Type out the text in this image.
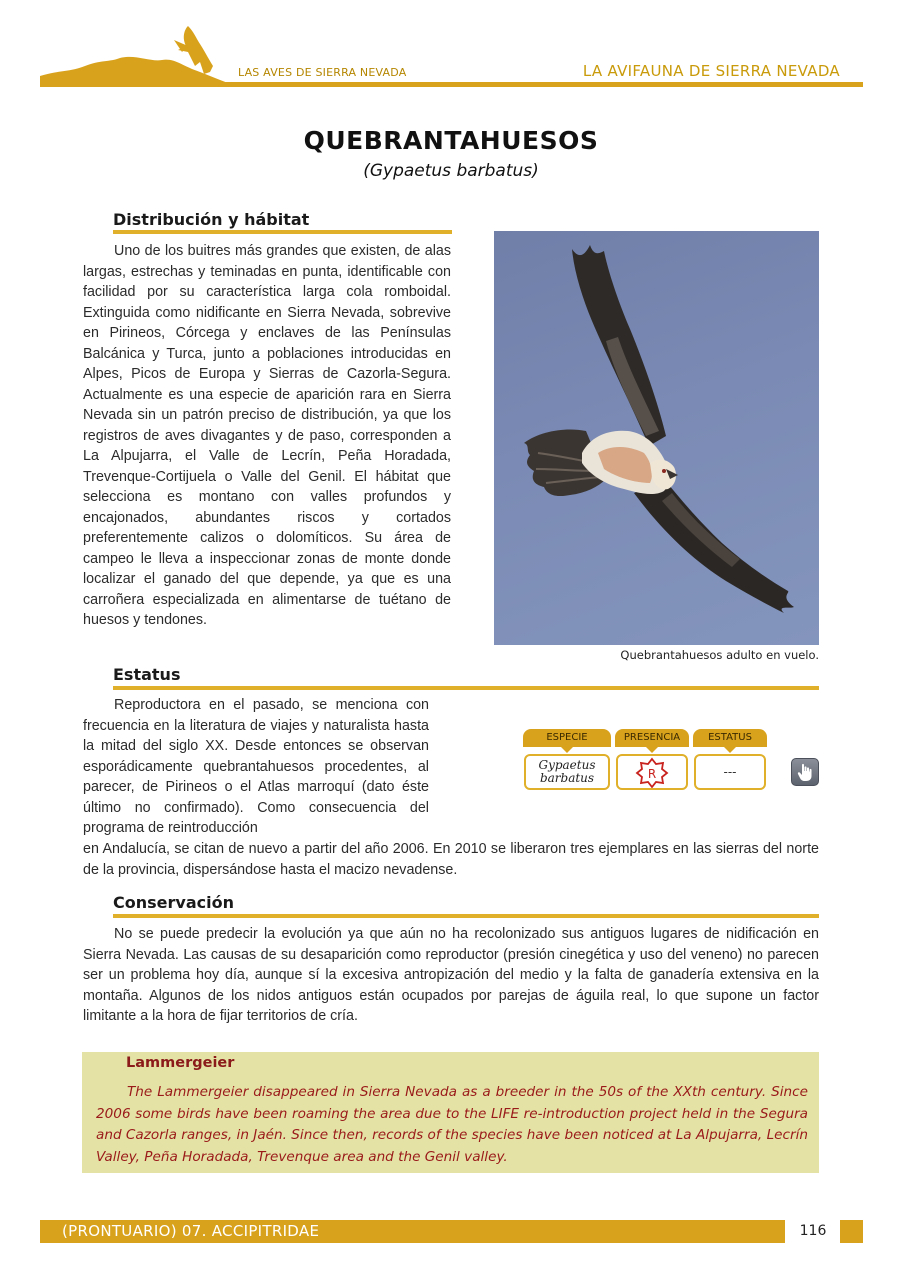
LAS AVES DE SIERRA NEVADA	LA AVIFAUNA DE SIERRA NEVADA
QUEBRANTAHUESOS
(Gypaetus barbatus)
Distribución y hábitat
Uno de los buitres más grandes que existen, de alas largas, estrechas y teminadas en punta, identificable con facilidad por su característica larga cola romboidal. Extinguida como nidificante en Sierra Nevada, sobrevive en Pirineos, Córcega y enclaves de las Penínsulas Balcánica y Turca, junto a poblaciones introducidas en Alpes, Picos de Europa y Sierras de Cazorla-Segura. Actualmente es una especie de aparición rara en Sierra Nevada sin un patrón preciso de distribución, ya que los registros de aves divagantes y de paso, corresponden a La Alpujarra, el Valle de Lecrín, Peña Horadada, Trevenque-Cortijuela o Valle del Genil. El hábitat que selecciona es montano con valles profundos y encajonados, abundantes riscos y cortados preferentemente calizos o dolomíticos. Su área de campeo le lleva a inspeccionar zonas de monte donde localizar el ganado del que depende, ya que es una carroñera especializada en alimentarse de tuétano de huesos y tendones.
Quebrantahuesos adulto en vuelo.
Estatus
Reproductora en el pasado, se menciona con frecuencia en la literatura de viajes y naturalista hasta la mitad del siglo XX. Desde entonces se observan esporádicamente quebrantahuesos procedentes, al parecer, de Pirineos o el Atlas marroquí (dato éste último no confirmado). Como consecuencia del programa de reintroducción
en Andalucía, se citan de nuevo a partir del año 2006. En 2010 se liberaron tres ejemplares en las sierras del norte de la provincia, dispersándose hasta el macizo nevadense.
ESPECIE	PRESENCIA	ESTATUS
Gypaetus
barbatus	R	---
Conservación
No se puede predecir la evolución ya que aún no ha recolonizado sus antiguos lugares de nidificación en Sierra Nevada. Las causas de su desaparición como reproductor (presión cinegética y uso del veneno) no parecen ser un problema hoy día, aunque sí la excesiva antropización del medio y la falta de ganadería extensiva en la montaña. Algunos de los nidos antiguos están ocupados por parejas de águila real, lo que supone un factor limitante a la hora de fijar territorios de cría.
Lammergeier
The Lammergeier disappeared in Sierra Nevada as a breeder in the 50s of the XXth century. Since 2006 some birds have been roaming the area due to the LIFE re-introduction project held in the Segura and Cazorla ranges, in Jaén. Since then, records of the species have been noticed at La Alpujarra, Lecrín Valley, Peña Horadada, Trevenque area and the Genil valley.
(PRONTUARIO) 07. ACCIPITRIDAE	116
